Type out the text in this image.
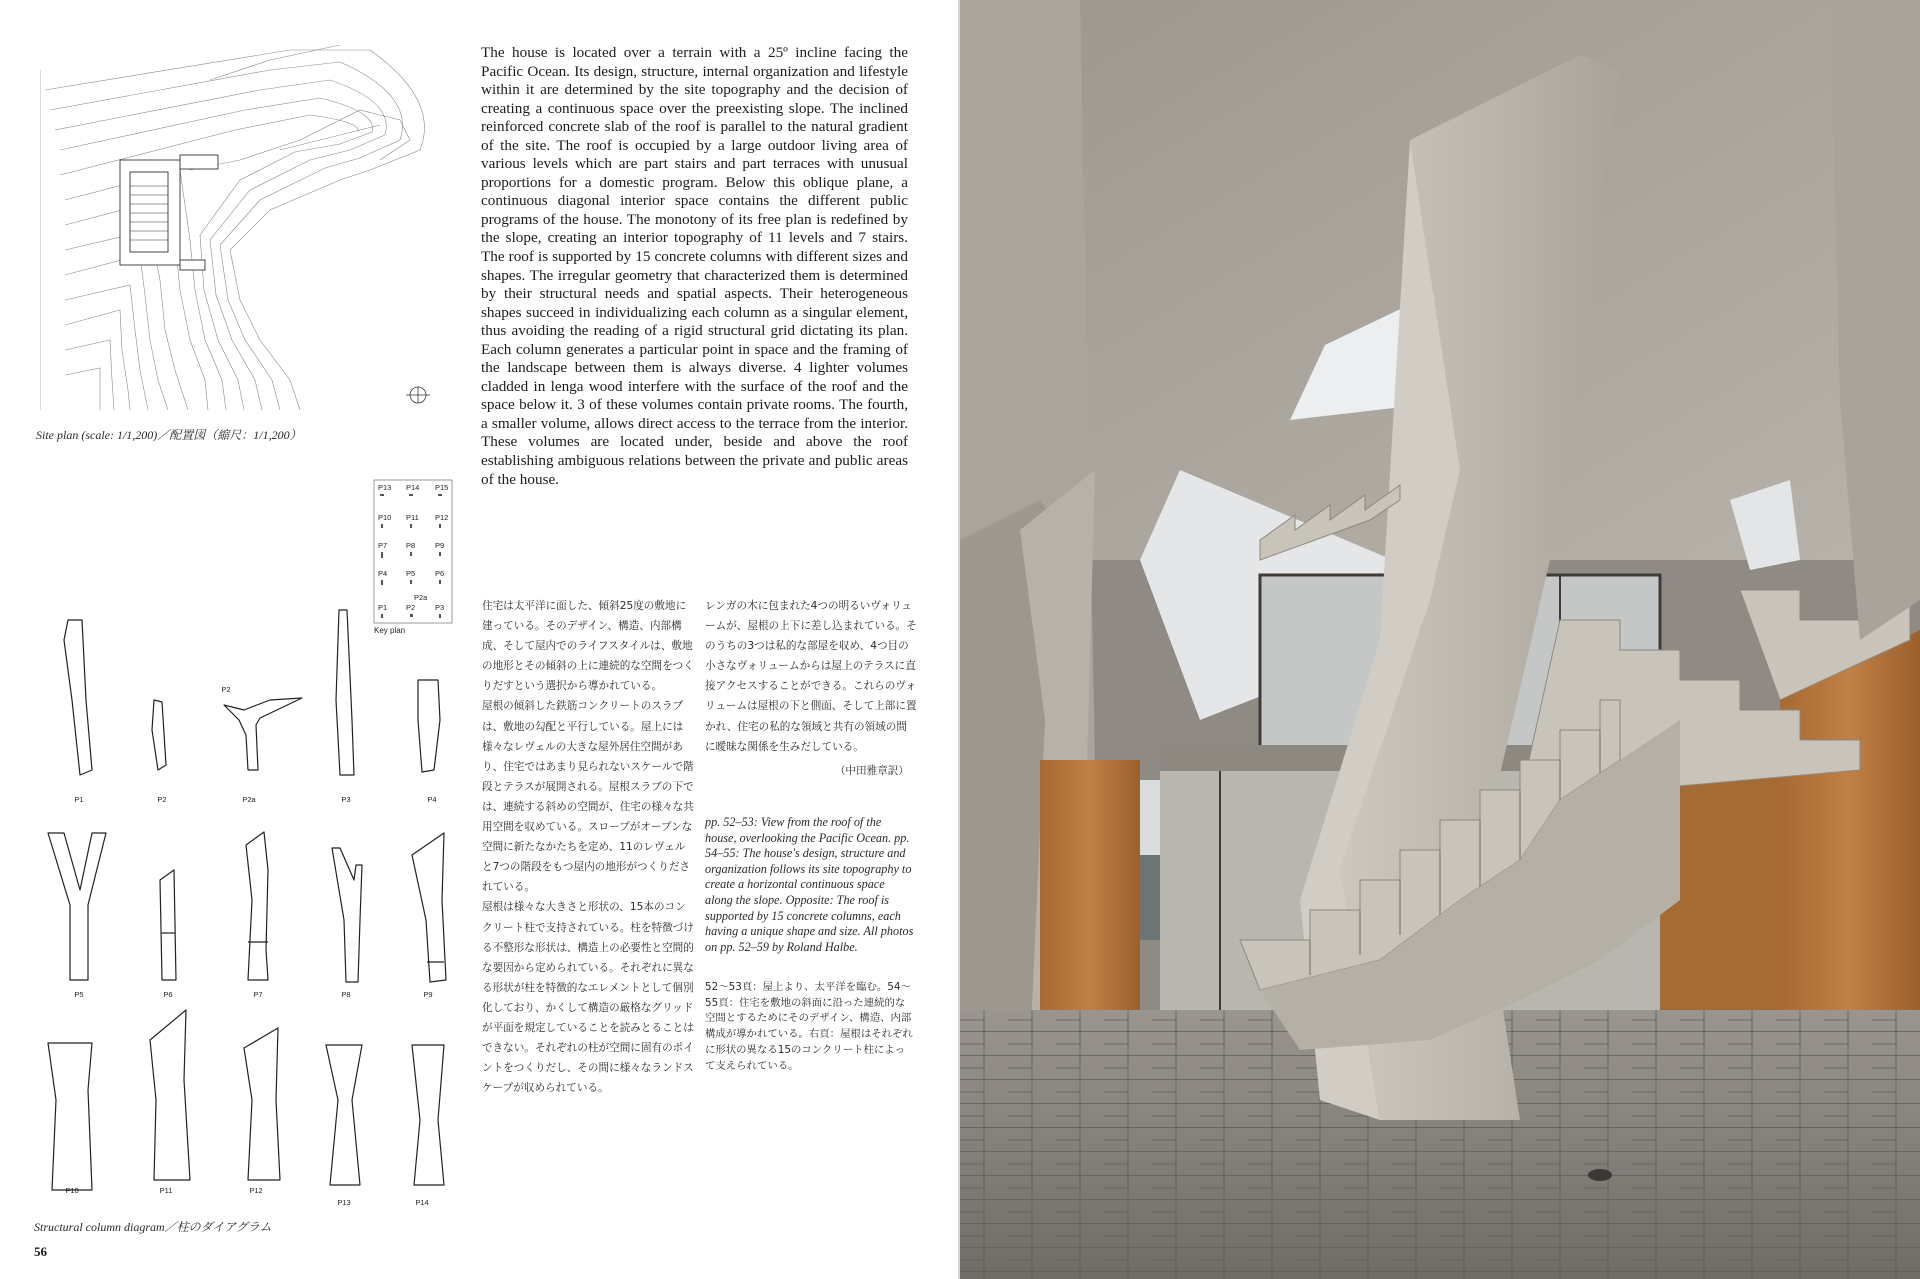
Site plan (scale: 1/1,200)／配置図（縮尺：1/1,200）
The house is located over a terrain with a 25º incline facing the Pacific Ocean. Its design, structure, internal organization and lifestyle within it are determined by the site topography and the decision of creating a continuous space over the preexisting slope. The inclined reinforced concrete slab of the roof is parallel to the natural gradient of the site. The roof is occupied by a large outdoor living area of various levels which are part stairs and part terraces with unusual proportions for a domestic program. Below this oblique plane, a continuous diagonal interior space contains the different public programs of the house. The monotony of its free plan is redefined by the slope, creating an interior topography of 11 levels and 7 stairs. The roof is supported by 15 concrete columns with different sizes and shapes. The irregular geometry that characterized them is determined by their structural needs and spatial aspects. Their heterogeneous shapes succeed in individualizing each column as a singular element, thus avoiding the reading of a rigid structural grid dictating its plan. Each column generates a particular point in space and the framing of the landscape between them is always diverse. 4 lighter volumes cladded in lenga wood interfere with the surface of the roof and the space below it. 3 of these volumes contain private rooms. The fourth, a smaller volume, allows direct access to the terrace from the interior. These volumes are located under, beside and above the roof establishing ambiguous relations between the private and public areas of the house.
P13 P14 P15
P10 P11 P12
P7	P8	P9
P4	P5	P6
P2a
P1	P2	P3
Key plan
P2
P1	P2	P2a	P3	P4
P5	P6	P7	P8	P9
P10	P11	P12
P13	P14
Structural column diagram／柱のダイアグラム

住宅は太平洋に面した、傾斜25度の敷地に建っている。そのデザイン、構造、内部構成、そして屋内でのライフスタイルは、敷地の地形とその傾斜の上に連続的な空間をつくりだすという選択から導かれている。

屋根の傾斜した鉄筋コンクリートのスラブは、敷地の勾配と平行している。屋上には様々なレヴェルの大きな屋外居住空間があり、住宅ではあまり見られないスケールで階段とテラスが展開される。屋根スラブの下では、連続する斜めの空間が、住宅の様々な共用空間を収めている。スロープがオープンな空間に新たなかたちを定め、11のレヴェルと7つの階段をもつ屋内の地形がつくりだされている。

屋根は様々な大きさと形状の、15本のコンクリート柱で支持されている。柱を特徴づける不整形な形状は、構造上の必要性と空間的な要因から定められている。それぞれに異なる形状が柱を特徴的なエレメントとして個別化しており、かくして構造の厳格なグリッドが平面を規定していることを読みとることはできない。それぞれの柱が空間に固有のポイントをつくりだし、その間に様々なランドスケープが収められている。

レンガの木に包まれた4つの明るいヴォリュームが、屋根の上下に差し込まれている。そのうちの3つは私的な部屋を収め、4つ目の小さなヴォリュームからは屋上のテラスに直接アクセスすることができる。これらのヴォリュームは屋根の下と側面、そして上部に置かれ、住宅の私的な領域と共有の領域の間に曖昧な関係を生みだしている。

（中田雅章訳）

pp. 52–53: View from the roof of the house, overlooking the Pacific Ocean. pp. 54–55: The house's design, structure and organization follows its site topography to create a horizontal continuous space along the slope. Opposite: The roof is supported by 15 concrete columns, each having a unique shape and size. All photos on pp. 52–59 by Roland Halbe.
52～53頁：屋上より、太平洋を臨む。54～55頁：住宅を敷地の斜面に沿った連続的な空間とするためにそのデザイン、構造、内部構成が導かれている。右頁：屋根はそれぞれに形状の異なる15のコンクリート柱によって支えられている。
56
